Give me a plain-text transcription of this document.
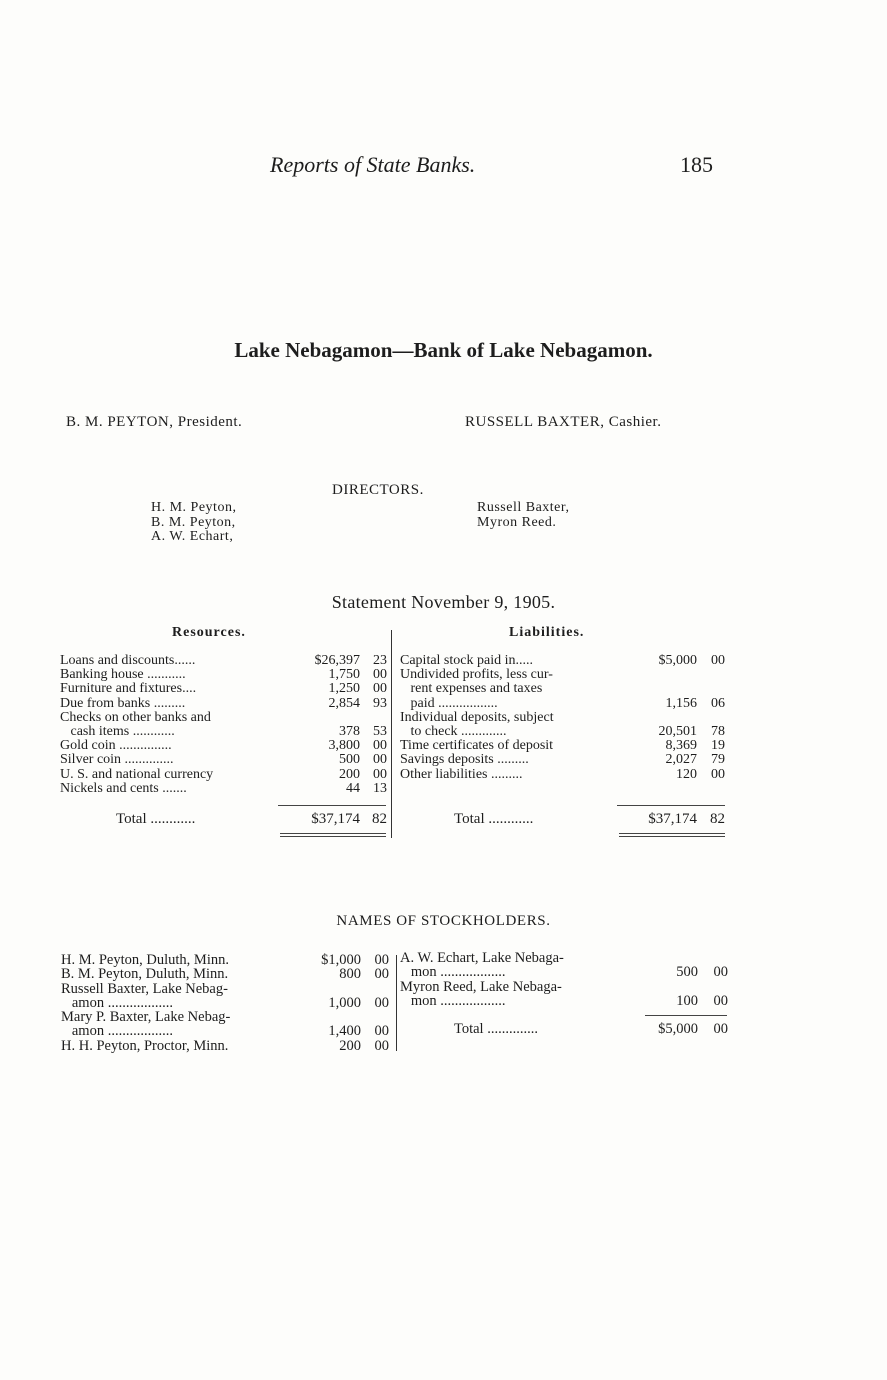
Reports of State Banks.	185
Lake Nebagamon—Bank of Lake Nebagamon.
B. M. PEYTON, President.	RUSSELL BAXTER, Cashier.
DIRECTORS.
H. M. Peyton,
B. M. Peyton,
A. W. Echart,
Russell Baxter,
Myron Reed.
Statement November 9, 1905.
Resources.	Liabilities.
Loans and discounts......	$26,397 23
Banking house ...........	1,750 00
Furniture and fixtures....	1,250 00
Due from banks .........	2,854 93
Checks on other banks and
cash items ............	378 53
Gold coin ...............	3,800 00
Silver coin ..............	500 00
U. S. and national currency	200 00
Nickels and cents .......	44 13
Capital stock paid in.....	$5,000 00
Undivided profits, less cur-
rent expenses and taxes
paid .................	1,156 06
Individual deposits, subject
to check .............	20,501 78
Time certificates of deposit	8,369 19
Savings deposits .........	2,027 79
Other liabilities .........	120 00
Total ............	$37,174 82	Total ............	$37,174 82
NAMES OF STOCKHOLDERS.
H. M. Peyton, Duluth, Minn.	$1,000 00
B. M. Peyton, Duluth, Minn.	800 00
Russell Baxter, Lake Nebag-
amon ..................	1,000 00
Mary P. Baxter, Lake Nebag-
amon ..................	1,400 00
H. H. Peyton, Proctor, Minn.	200 00
A. W. Echart, Lake Nebaga-
mon ..................	500 00
Myron Reed, Lake Nebaga-
mon ..................	100 00
Total ..............	$5,000 00
